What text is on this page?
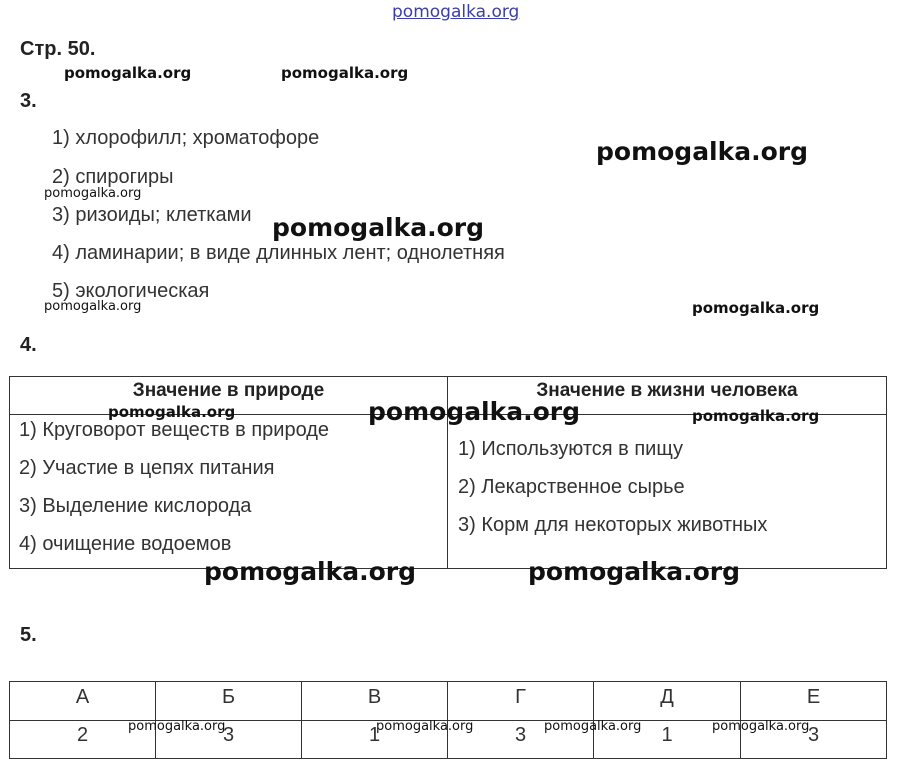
pomogalka.org
Стр. 50.
pomogalka.org	pomogalka.org
3.
1) хлорофилл; хроматофоре
2) спирогиры
3) ризоиды; клетками
4) ламинарии; в виде длинных лент; однолетняя
5) экологическая
pomogalka.org
pomogalka.org
pomogalka.org
pomogalka.org	pomogalka.org
4.
Значение в природе	Значение в жизни человека
1) Круговорот веществ в природе
2) Участие в цепях питания
3) Выделение кислорода
4) очищение водоемов
1) Используются в пищу
2) Лекарственное сырье
3) Корм для некоторых животных
pomogalka.org	pomogalka.org	pomogalka.org
pomogalka.org	pomogalka.org
5.
А	Б	В	Г	Д	Е
2	3	1	3	1	3
pomogalka.org	pomogalka.org	pomogalka.org	pomogalka.org
